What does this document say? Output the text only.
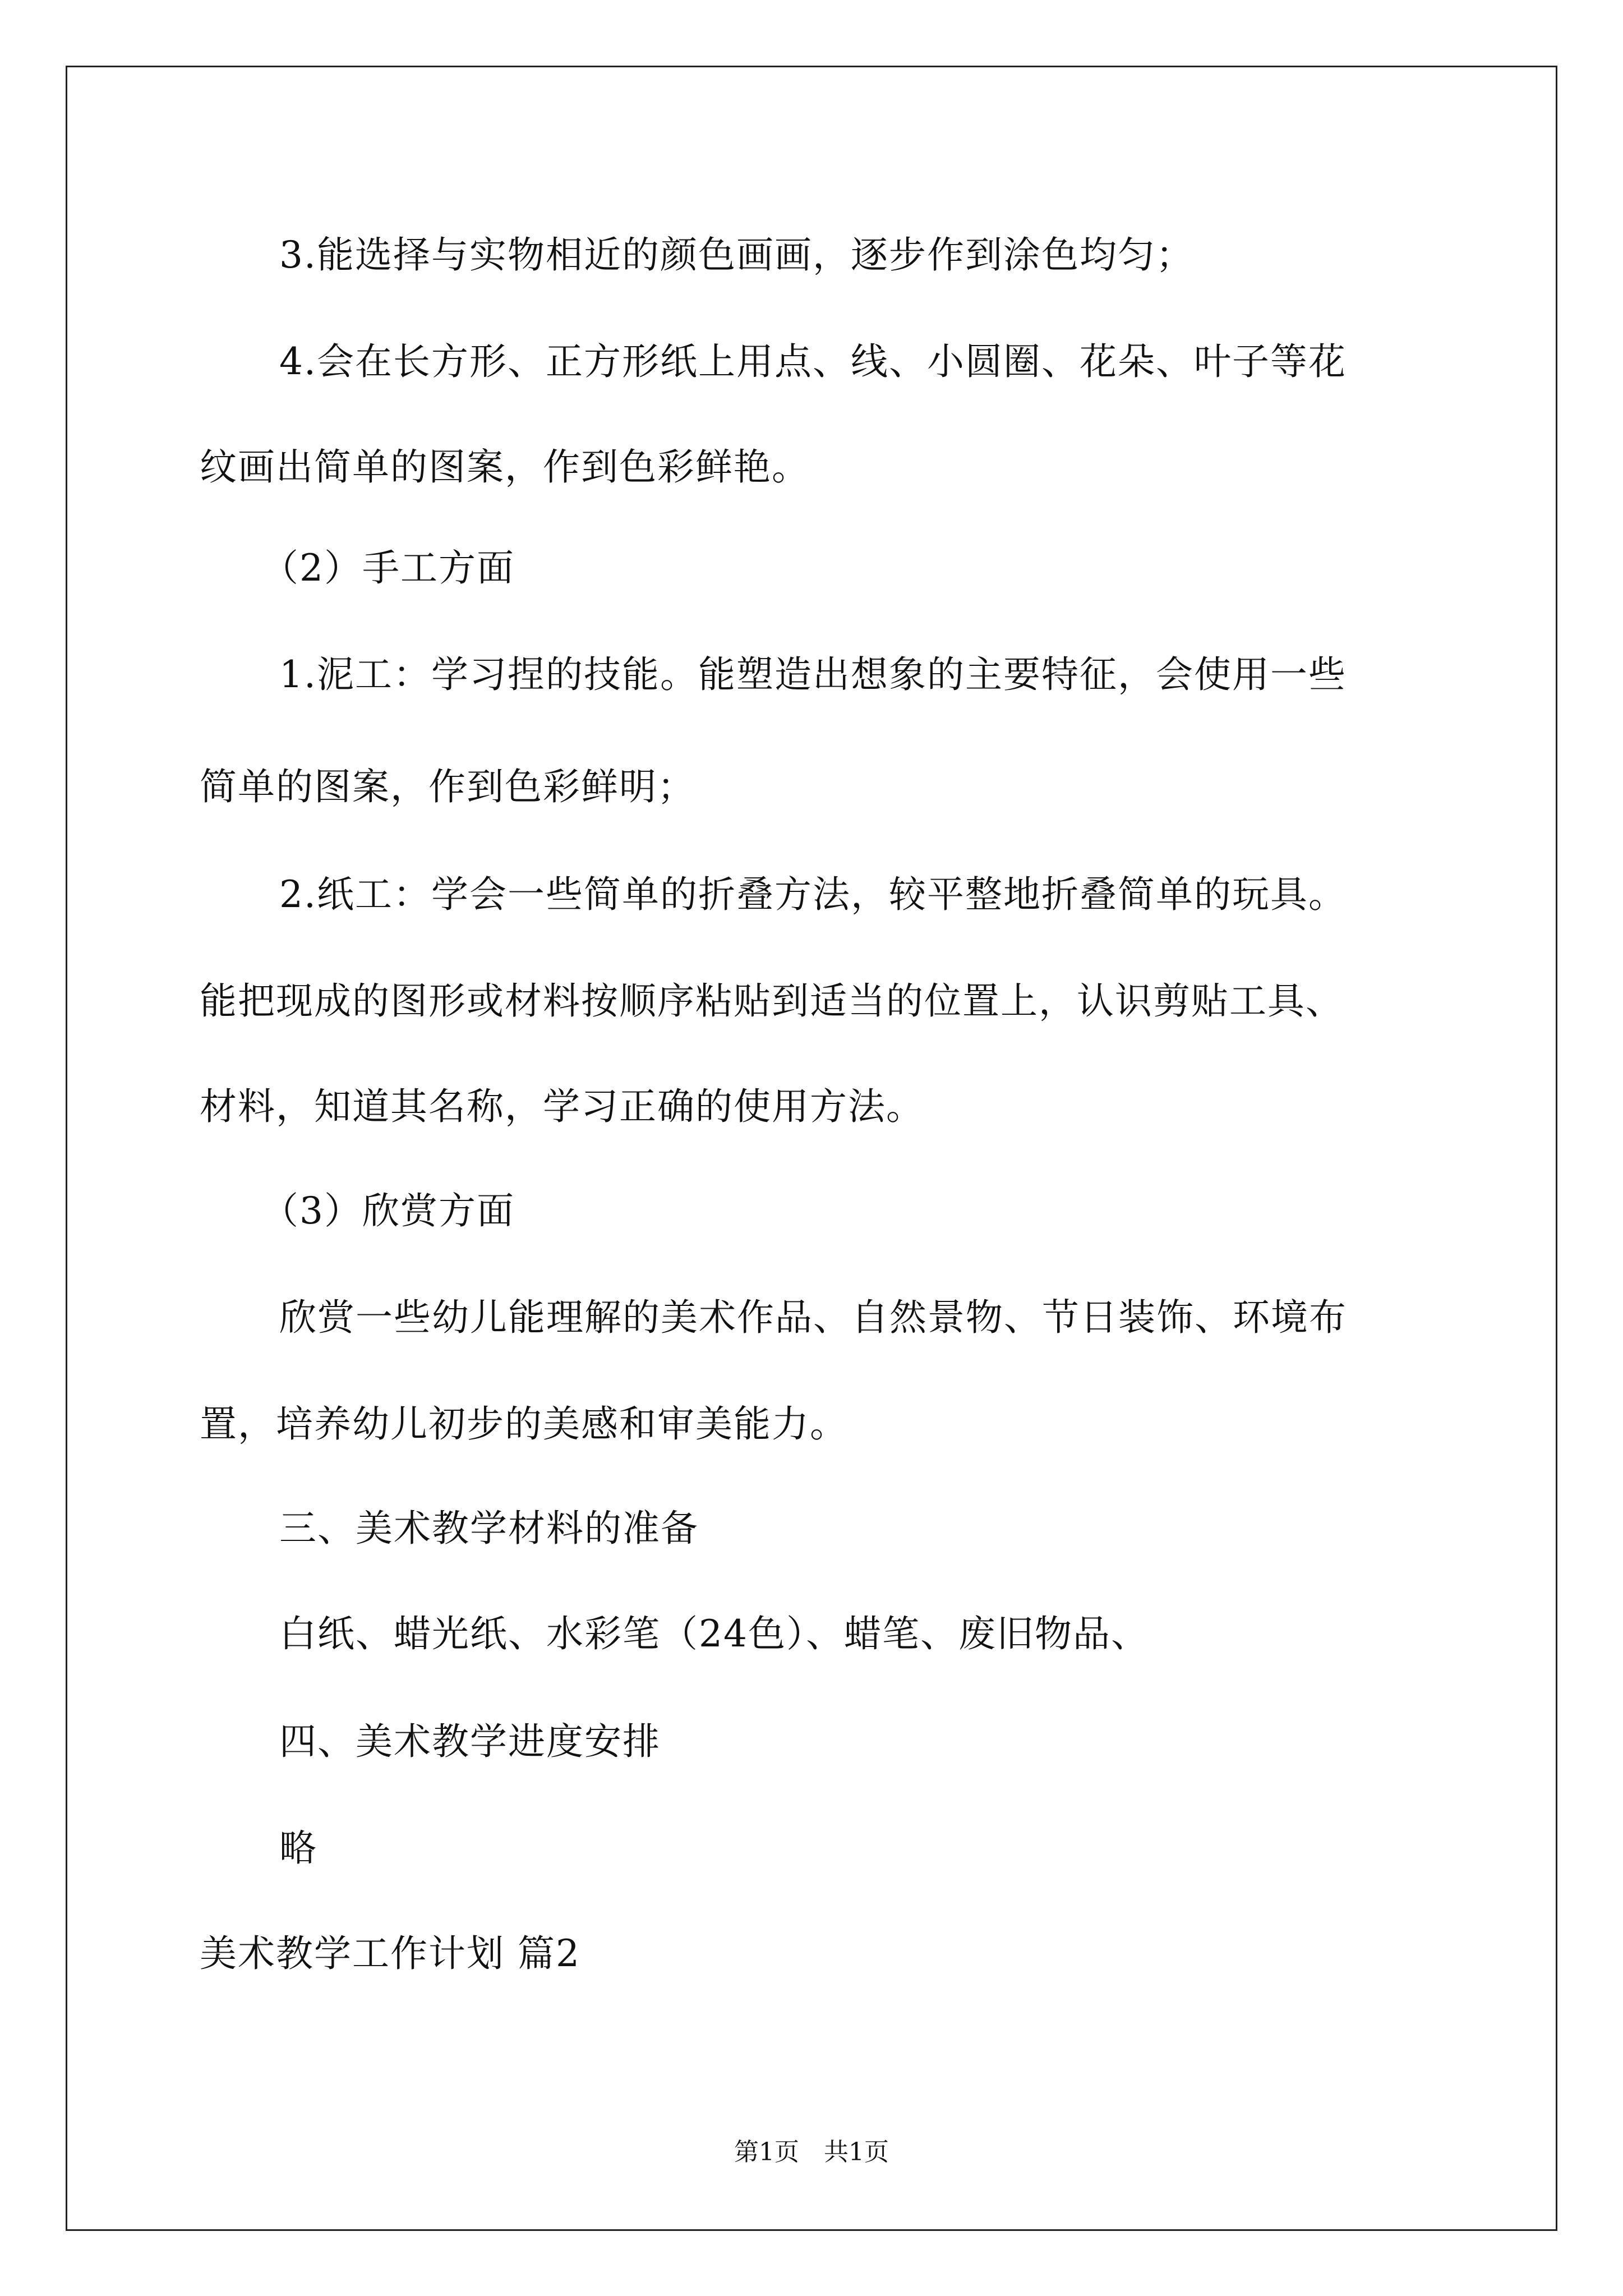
3.能选择与实物相近的颜色画画，逐步作到涂色均匀；
4.会在长方形、正方形纸上用点、线、小圆圈、花朵、叶子等花
纹画出简单的图案，作到色彩鲜艳。
（2）手工方面
1.泥工：学习捏的技能。能塑造出想象的主要特征，会使用一些
简单的图案，作到色彩鲜明；
2.纸工：学会一些简单的折叠方法，较平整地折叠简单的玩具。
能把现成的图形或材料按顺序粘贴到适当的位置上，认识剪贴工具、
材料，知道其名称，学习正确的使用方法。
（3）欣赏方面
欣赏一些幼儿能理解的美术作品、自然景物、节日装饰、环境布
置，培养幼儿初步的美感和审美能力。
三、美术教学材料的准备
白纸、蜡光纸、水彩笔（24色）、蜡笔、废旧物品、
四、美术教学进度安排
略
美术教学工作计划 篇2
第1页　共1页
